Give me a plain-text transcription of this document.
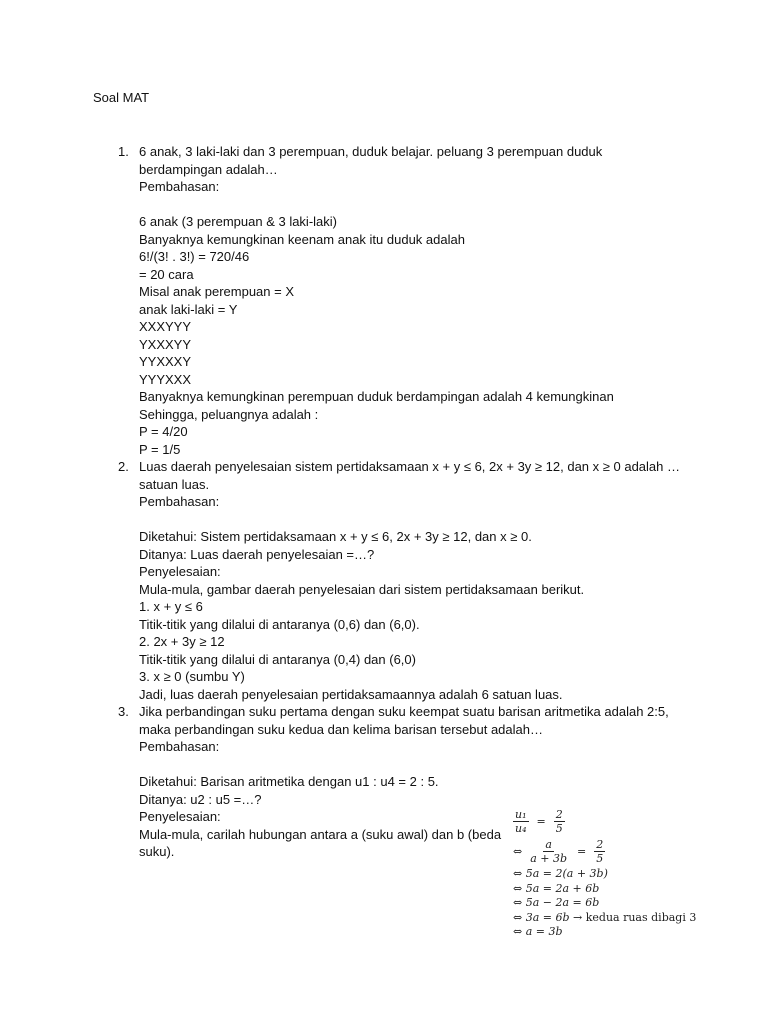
Soal MAT
1. 6 anak, 3 laki-laki dan 3 perempuan, duduk belajar. peluang 3 perempuan duduk
berdampingan adalah…
Pembahasan:
6 anak (3 perempuan & 3 laki-laki)
Banyaknya kemungkinan keenam anak itu duduk adalah
6!/(3! . 3!) = 720/46
= 20 cara
Misal anak perempuan = X
anak laki-laki = Y
XXXYYY
YXXXYY
YYXXXY
YYYXXX
Banyaknya kemungkinan perempuan duduk berdampingan adalah 4 kemungkinan
Sehingga, peluangnya adalah :
P = 4/20
P = 1/5
2. Luas daerah penyelesaian sistem pertidaksamaan x + y ≤ 6, 2x + 3y ≥ 12, dan x ≥ 0 adalah …
satuan luas.
Pembahasan:
Diketahui: Sistem pertidaksamaan x + y ≤ 6, 2x + 3y ≥ 12, dan x ≥ 0.
Ditanya: Luas daerah penyelesaian =…?
Penyelesaian:
Mula-mula, gambar daerah penyelesaian dari sistem pertidaksamaan berikut.
1. x + y ≤ 6
Titik-titik yang dilalui di antaranya (0,6) dan (6,0).
2. 2x + 3y ≥ 12
Titik-titik yang dilalui di antaranya (0,4) dan (6,0)
3. x ≥ 0 (sumbu Y)
Jadi, luas daerah penyelesaian pertidaksamaannya adalah 6 satuan luas.
3. Jika perbandingan suku pertama dengan suku keempat suatu barisan aritmetika adalah 2:5,
maka perbandingan suku kedua dan kelima barisan tersebut adalah…
Pembahasan:
Diketahui: Barisan aritmetika dengan u1 : u4 = 2 : 5.
Ditanya: u2 : u5 =…?
Penyelesaian:
Mula-mula, carilah hubungan antara a (suku awal) dan b (beda
suku).
$\frac{\text{u₁}}{\text{u₄}} = \frac{2}{5}$
⇔ $\frac{a}{a + 3b} = \frac{2}{5}$
⇔ 5a = 2(a + 3b)
⇔ 5a = 2a + 6b
⇔ 5a − 2a = 6b
⇔ 3a = 6b → kedua ruas dibagi 3
⇔ a = 3b
